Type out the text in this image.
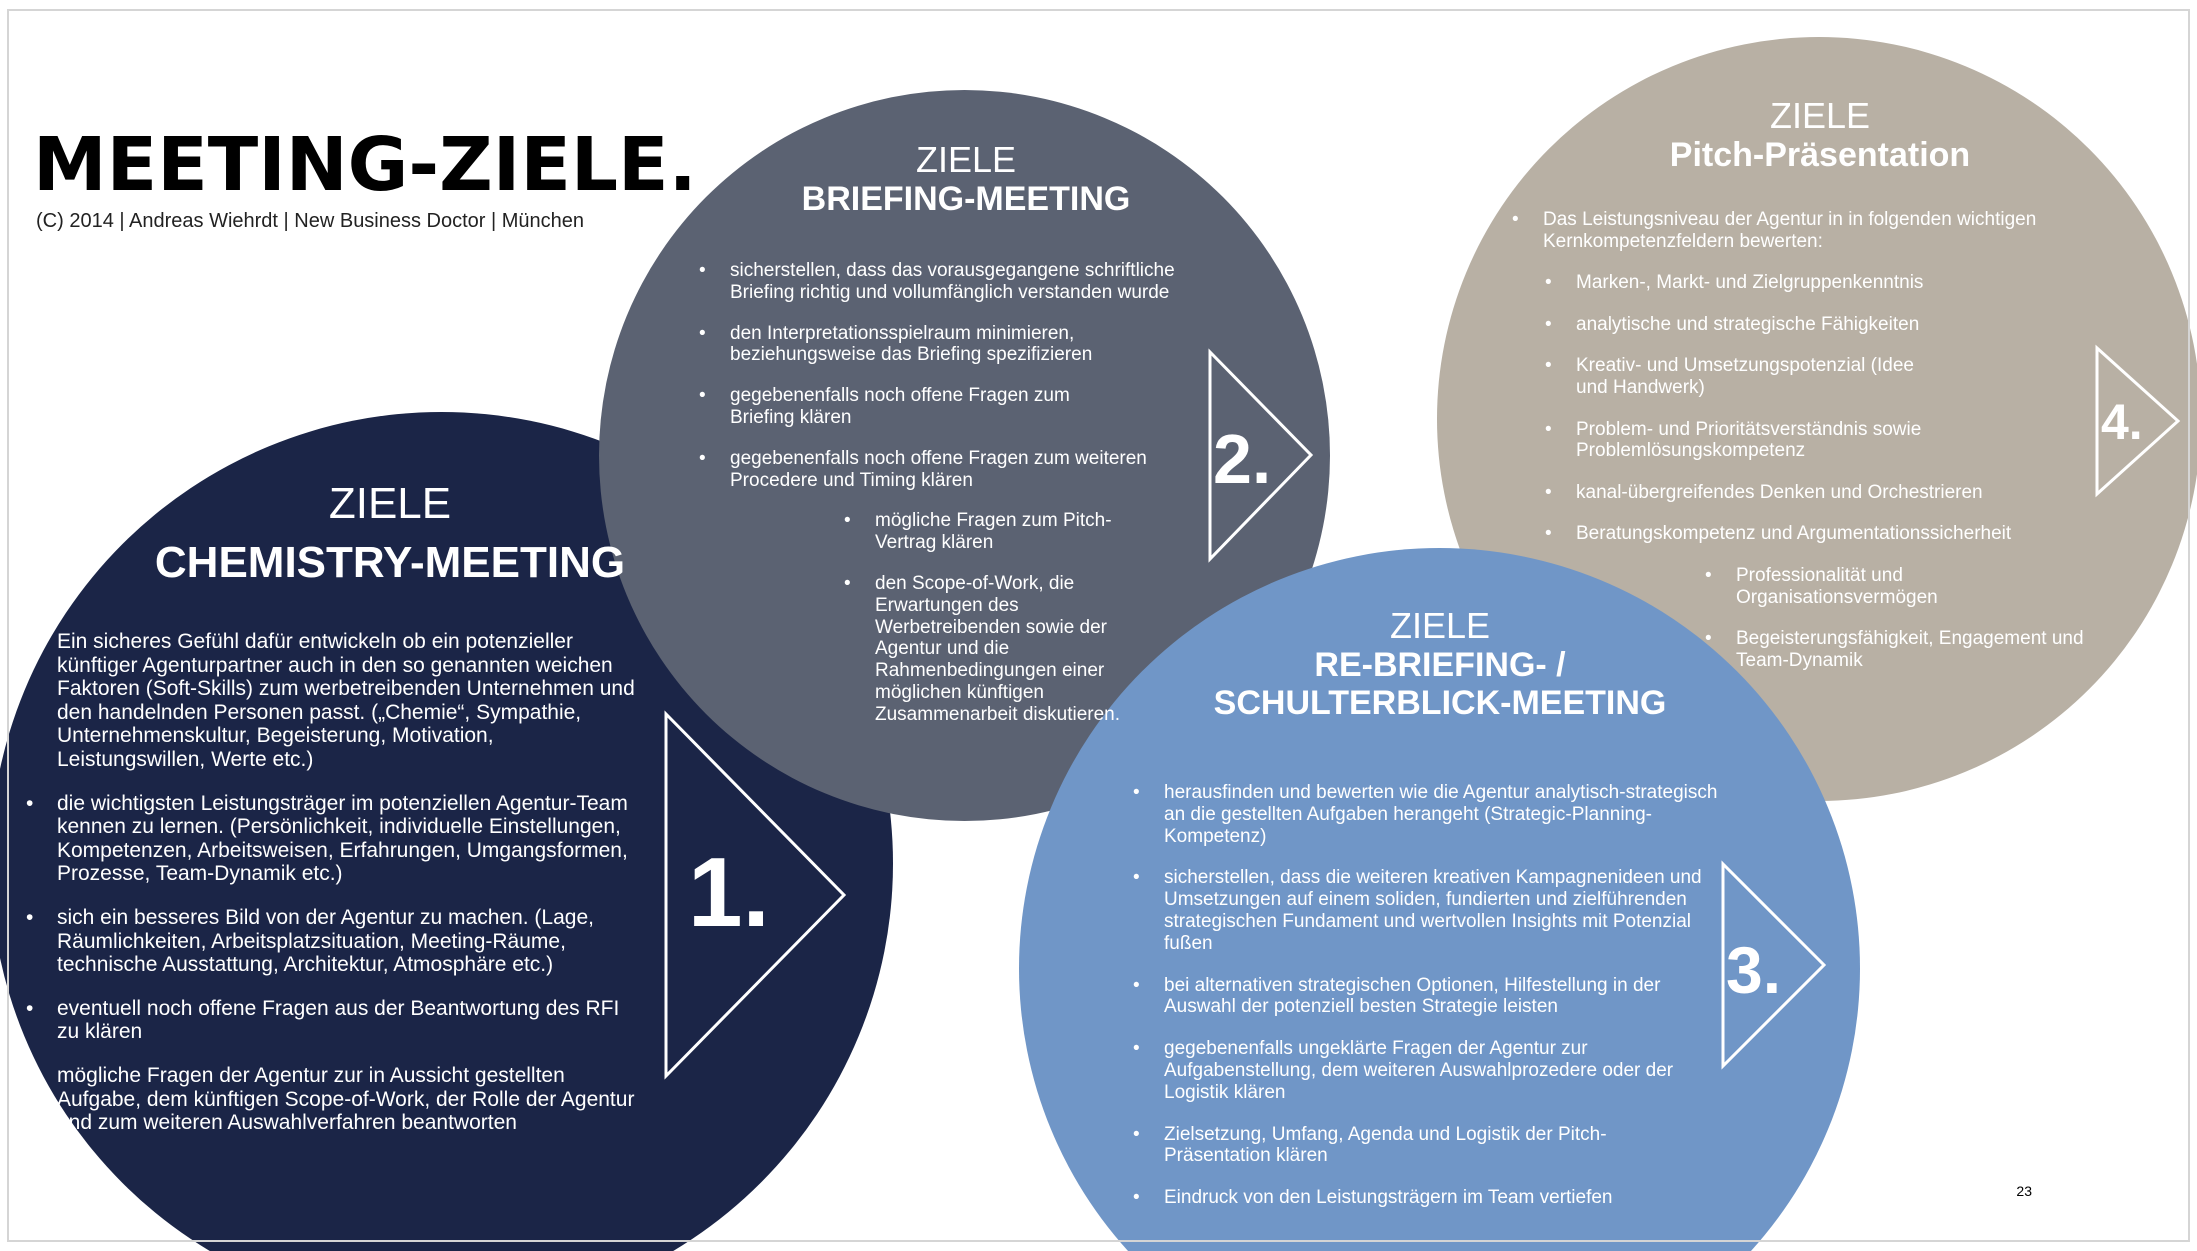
MEETING-ZIELE.
(C) 2014 | Andreas Wiehrdt | New Business Doctor | München
ZIELE
CHEMISTRY-MEETING
• Ein sicheres Gefühl dafür entwickeln ob ein potenzieller künftiger Agenturpartner auch in den so genannten weichen Faktoren (Soft-Skills) zum werbetreibenden Unternehmen und den handelnden Personen passt. („Chemie“, Sympathie, Unternehmenskultur, Begeisterung, Motivation, Leistungswillen, Werte etc.)
• die wichtigsten Leistungsträger im potenziellen Agentur-Team kennen zu lernen. (Persönlichkeit, individuelle Einstellungen, Kompetenzen, Arbeitsweisen, Erfahrungen, Umgangsformen, Prozesse, Team-Dynamik etc.)
• sich ein besseres Bild von der Agentur zu machen. (Lage, Räumlichkeiten, Arbeitsplatzsituation, Meeting-Räume, technische Ausstattung, Architektur, Atmosphäre etc.)
• eventuell noch offene Fragen aus der Beantwortung des RFI zu klären
• mögliche Fragen der Agentur zur in Aussicht gestellten Aufgabe, dem künftigen Scope-of-Work, der Rolle der Agentur und zum weiteren Auswahlverfahren beantworten
1.
ZIELE
BRIEFING-MEETING
• sicherstellen, dass das vorausgegangene schriftliche Briefing richtig und vollumfänglich verstanden wurde
• den Interpretationsspielraum minimieren, beziehungsweise das Briefing spezifizieren
• gegebenenfalls noch offene Fragen zum Briefing klären
• gegebenenfalls noch offene Fragen zum weiteren Procedere und Timing klären
• mögliche Fragen zum Pitch-Vertrag klären
• den Scope-of-Work, die Erwartungen des Werbetreibenden sowie der Agentur und die Rahmenbedingungen einer möglichen künftigen Zusammenarbeit diskutieren.
2.
ZIELE
Pitch-Präsentation
• Das Leistungsniveau der Agentur in in folgenden wichtigen Kernkompetenzfeldern bewerten:
• Marken-, Markt- und Zielgruppenkenntnis
• analytische und strategische Fähigkeiten
• Kreativ- und Umsetzungspotenzial (Idee und Handwerk)
• Problem- und Prioritätsverständnis sowie Problemlösungskompetenz
• kanal-übergreifendes Denken und Orchestrieren
• Beratungskompetenz und Argumentationssicherheit
• Professionalität und Organisationsvermögen
• Begeisterungsfähigkeit, Engagement und Team-Dynamik
4.
ZIELE
RE-BRIEFING- /
SCHULTERBLICK-MEETING
• herausfinden und bewerten wie die Agentur analytisch-strategisch an die gestellten Aufgaben herangeht (Strategic-Planning-Kompetenz)
• sicherstellen, dass die weiteren kreativen Kampagnenideen und Umsetzungen auf einem soliden, fundierten und zielführenden strategischen Fundament und wertvollen Insights mit Potenzial fußen
• bei alternativen strategischen Optionen, Hilfestellung in der Auswahl der potenziell besten Strategie leisten
• gegebenenfalls ungeklärte Fragen der Agentur zur Aufgabenstellung, dem weiteren Auswahlprozedere oder der Logistik klären
• Zielsetzung, Umfang, Agenda und Logistik der Pitch-Präsentation klären
• Eindruck von den Leistungsträgern im Team vertiefen
3.
23
